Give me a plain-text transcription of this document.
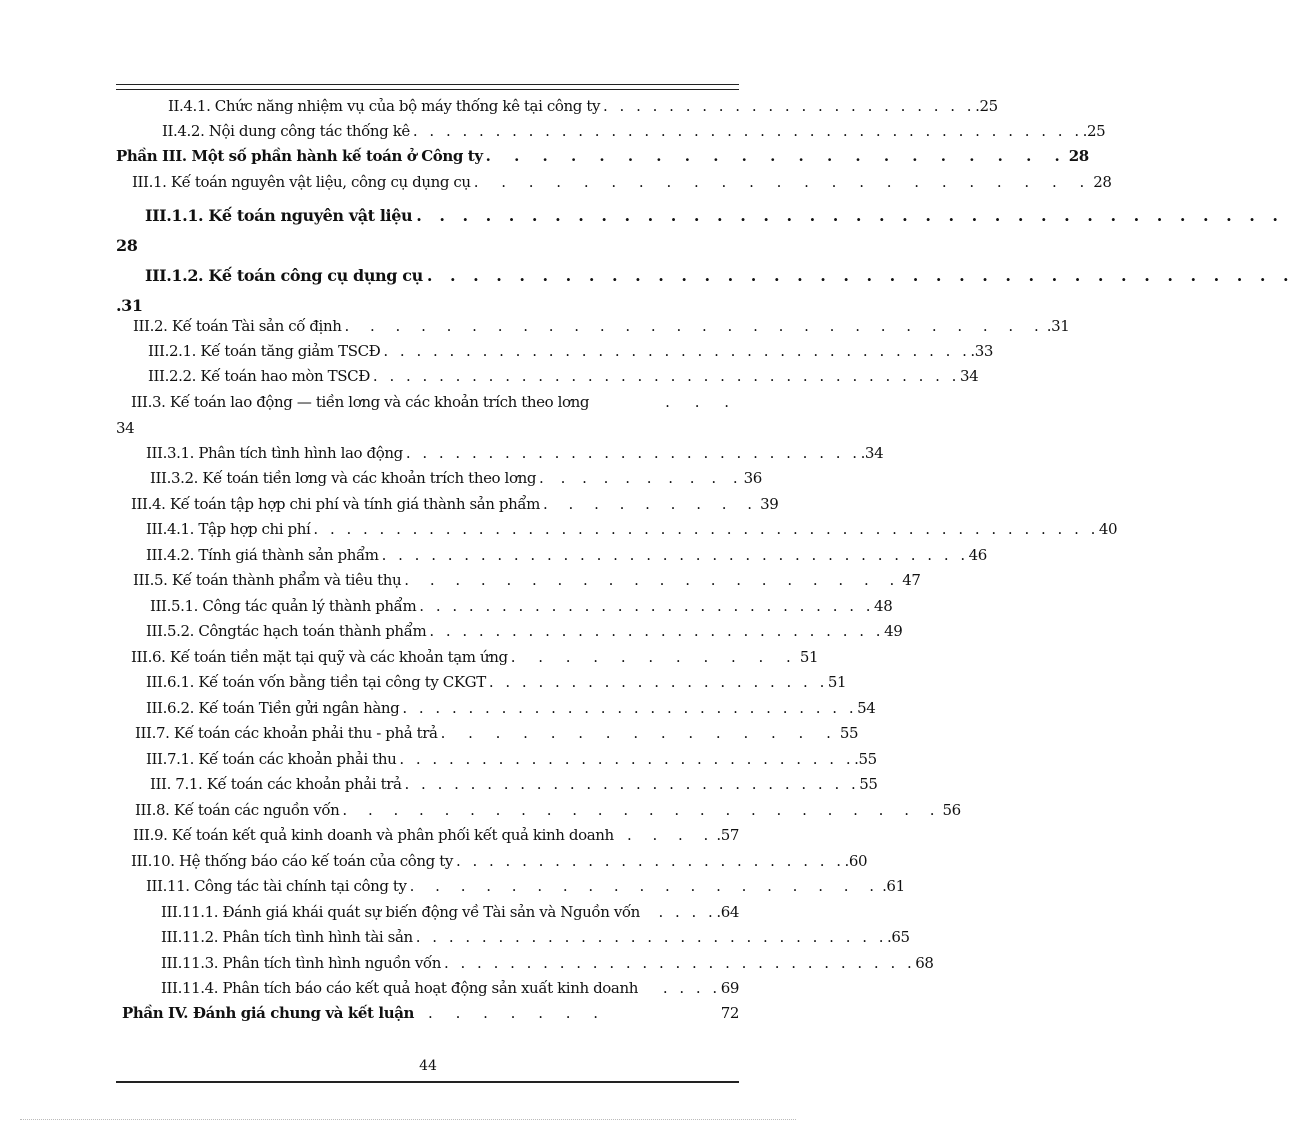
II.4.1. Chức năng nhiệm vụ của bộ máy thống kê tại công ty . . . . . . . . . . . . . . . . . . . . . . . .25
II.4.2. Nội dung công tác thống kê . . . . . . . . . . . . . . . . . . . . . . . . . . . . . . . . . . . . . . . . . .25
Phần III. Một số phần hành kế toán ở Công ty . . . . . . . . . . . . . . . . . . . . . 28
III.1. Kế toán nguyên vật liệu, công cụ dụng cụ . . . . . . . . . . . . . . . . . . . . . . . 28
III.1.1. Kế toán nguyên vật liệu . . . . . . . . . . . . . . . . . . . . . . . . . . . . . . . . . . . . . .
28
III.1.2. Kế toán công cụ dụng cụ . . . . . . . . . . . . . . . . . . . . . . . . . . . . . . . . . . . . . .
.31
III.2. Kế toán Tài sản cố định . . . . . . . . . . . . . . . . . . . . . . . . . . . . .31
III.2.1. Kế toán tăng giảm TSCĐ . . . . . . . . . . . . . . . . . . . . . . . . . . . . . . . . . . . . .33
III.2.2. Kế toán hao mòn TSCĐ . . . . . . . . . . . . . . . . . . . . . . . . . . . . . . . . . . . . 34
III.3. Kế toán lao động — tiền lơng và các khoản trích theo lơng	. . .
34
III.3.1. Phân tích tình hình lao động . . . . . . . . . . . . . . . . . . . . . . . . . . . . .34
III.3.2. Kế toán tiền lơng và các khoản trích theo lơng . . . . . . . . . . 36
III.4. Kế toán tập hợp chi phí và tính giá thành sản phẩm . . . . . . . . . 39
III.4.1. Tập hợp chi phí . . . . . . . . . . . . . . . . . . . . . . . . . . . . . . . . . . . . . . . . . . . . . . . . 40
III.4.2. Tính giá thành sản phẩm . . . . . . . . . . . . . . . . . . . . . . . . . . . . . . . . . . . . 46
III.5. Kế toán thành phẩm và tiêu thụ . . . . . . . . . . . . . . . . . . . . 47
III.5.1. Công tác quản lý thành phẩm . . . . . . . . . . . . . . . . . . . . . . . . . . . . 48
III.5.2. Côngtác hạch toán thành phẩm . . . . . . . . . . . . . . . . . . . . . . . . . . . . 49
III.6. Kế toán tiền mặt tại quỹ và các khoản tạm ứng . . . . . . . . . . . 51
III.6.1. Kế toán vốn bằng tiền tại công ty CKGT . . . . . . . . . . . . . . . . . . . . . 51
III.6.2. Kế toán Tiền gửi ngân hàng . . . . . . . . . . . . . . . . . . . . . . . . . . . . 54
III.7. Kế toán các khoản phải thu - phả trả . . . . . . . . . . . . . . . 55
III.7.1. Kế toán các khoản phải thu . . . . . . . . . . . . . . . . . . . . . . . . . . . . .55
III. 7.1. Kế toán các khoản phải trả . . . . . . . . . . . . . . . . . . . . . . . . . . . . 55
III.8. Kế toán các nguồn vốn . . . . . . . . . . . . . . . . . . . . . . . . 56
III.9. Kế toán kết quả kinh doanh và phân phối kết quả kinh doanh . . . . .57
III.10. Hệ thống báo cáo kế toán của công ty . . . . . . . . . . . . . . . . . . . . . . . . .60
III.11. Công tác tài chính tại công ty . . . . . . . . . . . . . . . . . . . .61
III.11.1. Đánh giá khái quát sự biến động về Tài sản và Nguồn vốn	. . . . .64
III.11.2. Phân tích tình hình tài sản . . . . . . . . . . . . . . . . . . . . . . . . . . . . . .65
III.11.3. Phân tích tình hình nguồn vốn . . . . . . . . . . . . . . . . . . . . . . . . . . . . . 68
III.11.4. Phân tích báo cáo kết quả hoạt động sản xuất kinh doanh	. . . . 69
Phần IV. Đánh giá chung và kết luận . . . . . . .	72
44
